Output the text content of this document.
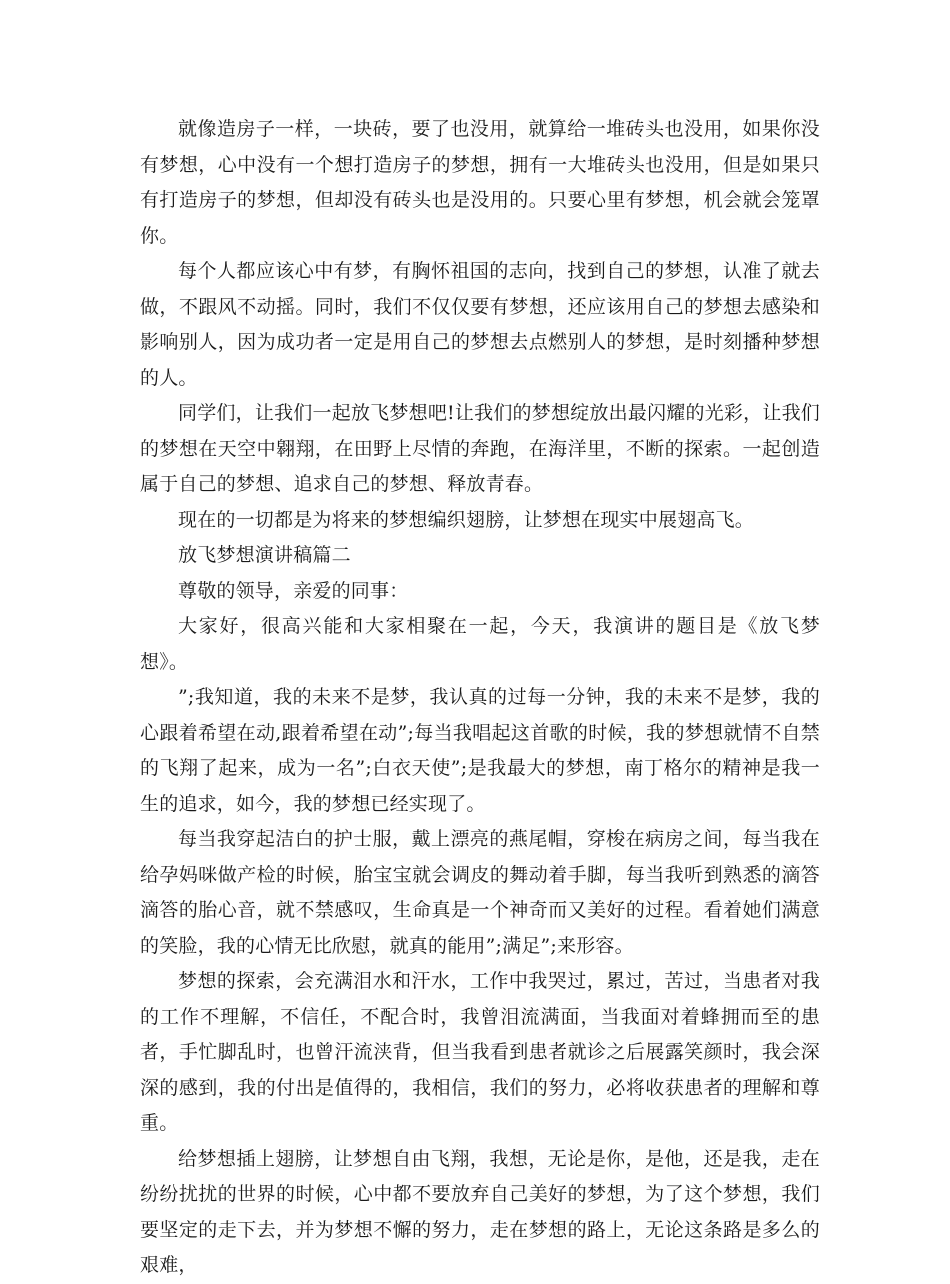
就像造房子一样，一块砖，要了也没用，就算给一堆砖头也没用，如果你没有梦想，心中没有一个想打造房子的梦想，拥有一大堆砖头也没用，但是如果只有打造房子的梦想，但却没有砖头也是没用的。只要心里有梦想，机会就会笼罩你。

每个人都应该心中有梦，有胸怀祖国的志向，找到自己的梦想，认准了就去做，不跟风不动摇。同时，我们不仅仅要有梦想，还应该用自己的梦想去感染和影响别人，因为成功者一定是用自己的梦想去点燃别人的梦想，是时刻播种梦想的人。

同学们，让我们一起放飞梦想吧!让我们的梦想绽放出最闪耀的光彩，让我们的梦想在天空中翱翔，在田野上尽情的奔跑，在海洋里，不断的探索。一起创造属于自己的梦想、追求自己的梦想、释放青春。

现在的一切都是为将来的梦想编织翅膀，让梦想在现实中展翅高飞。

放飞梦想演讲稿篇二

尊敬的领导，亲爱的同事：

大家好，很高兴能和大家相聚在一起，今天，我演讲的题目是《放飞梦想》。

”;我知道，我的未来不是梦，我认真的过每一分钟，我的未来不是梦，我的心跟着希望在动,跟着希望在动”;每当我唱起这首歌的时候，我的梦想就情不自禁的飞翔了起来，成为一名”;白衣天使”;是我最大的梦想，南丁格尔的精神是我一生的追求，如今，我的梦想已经实现了。

每当我穿起洁白的护士服，戴上漂亮的燕尾帽，穿梭在病房之间，每当我在给孕妈咪做产检的时候，胎宝宝就会调皮的舞动着手脚，每当我听到熟悉的滴答滴答的胎心音，就不禁感叹，生命真是一个神奇而又美好的过程。看着她们满意的笑脸，我的心情无比欣慰，就真的能用”;满足”;来形容。

梦想的探索，会充满泪水和汗水，工作中我哭过，累过，苦过，当患者对我的工作不理解，不信任，不配合时，我曾泪流满面，当我面对着蜂拥而至的患者，手忙脚乱时，也曾汗流浃背，但当我看到患者就诊之后展露笑颜时，我会深深的感到，我的付出是值得的，我相信，我们的努力，必将收获患者的理解和尊重。

给梦想插上翅膀，让梦想自由飞翔，我想，无论是你，是他，还是我，走在纷纷扰扰的世界的时候，心中都不要放弃自己美好的梦想，为了这个梦想，我们要坚定的走下去，并为梦想不懈的努力，走在梦想的路上，无论这条路是多么的艰难，
